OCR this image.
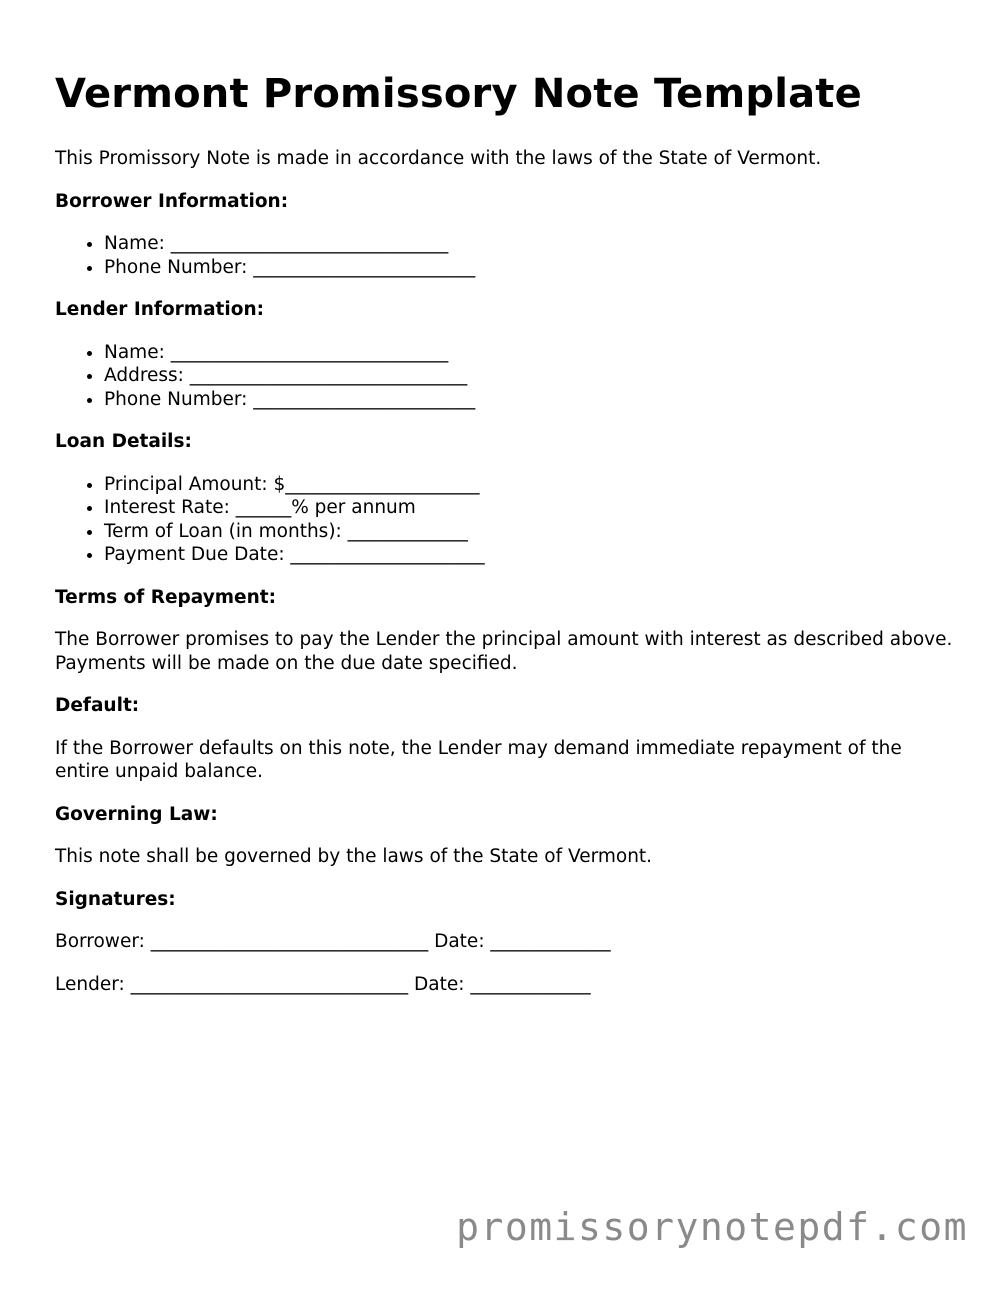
Vermont Promissory Note Template

This Promissory Note is made in accordance with the laws of the State of Vermont.

Borrower Information:

• Name: ______________________________
• Phone Number: ________________________

Lender Information:

• Name: ______________________________
• Address: ______________________________
• Phone Number: ________________________

Loan Details:

• Principal Amount: $_____________________
• Interest Rate: ______% per annum
• Term of Loan (in months): _____________
• Payment Due Date: _____________________

Terms of Repayment:

The Borrower promises to pay the Lender the principal amount with interest as described above. Payments will be made on the due date specified.

Default:

If the Borrower defaults on this note, the Lender may demand immediate repayment of the entire unpaid balance.

Governing Law:

This note shall be governed by the laws of the State of Vermont.

Signatures:

Borrower: ______________________________ Date: _____________

Lender: ______________________________ Date: _____________

promissorynotepdf.com
